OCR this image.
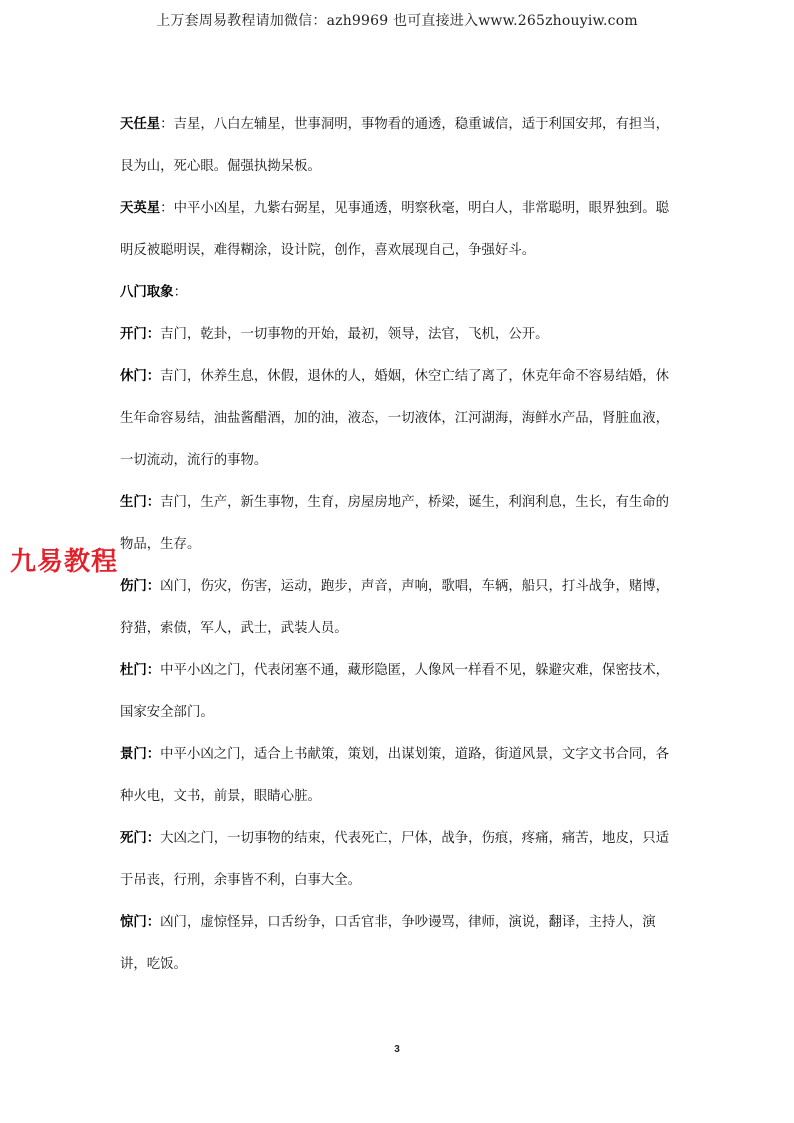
上万套周易教程请加微信：azh9969 也可直接进入www.265zhouyiw.com

天任星：吉星，八白左辅星，世事洞明，事物看的通透，稳重诚信，适于利国安邦，有担当，艮为山，死心眼。倔强执拗呆板。

天英星：中平小凶星，九紫右弼星，见事通透，明察秋毫，明白人，非常聪明，眼界独到。聪明反被聪明误，难得糊涂，设计院，创作，喜欢展现自己，争强好斗。

八门取象：

开门：吉门，乾卦，一切事物的开始，最初，领导，法官，飞机，公开。

休门：吉门，休养生息，休假，退休的人，婚姻，休空亡结了离了，休克年命不容易结婚，休生年命容易结，油盐酱醋酒，加的油，液态，一切液体，江河湖海，海鲜水产品，肾脏血液，一切流动，流行的事物。

生门：吉门，生产，新生事物，生育，房屋房地产，桥梁，诞生，利润利息，生长，有生命的物品，生存。

伤门：凶门，伤灾，伤害，运动，跑步，声音，声响，歌唱，车辆，船只，打斗战争，赌博，狩猎，索债，军人，武士，武装人员。

杜门：中平小凶之门，代表闭塞不通，藏形隐匿，人像风一样看不见，躲避灾难，保密技术，国家安全部门。

景门：中平小凶之门，适合上书献策，策划，出谋划策，道路，街道风景，文字文书合同，各种火电，文书，前景，眼睛心脏。

死门：大凶之门，一切事物的结束，代表死亡，尸体，战争，伤痕，疼痛，痛苦，地皮，只适于吊丧，行刑，余事皆不利，白事大全。

惊门：凶门，虚惊怪异，口舌纷争，口舌官非，争吵谩骂，律师，演说，翻译，主持人，演讲，吃饭。

九易教程
3
